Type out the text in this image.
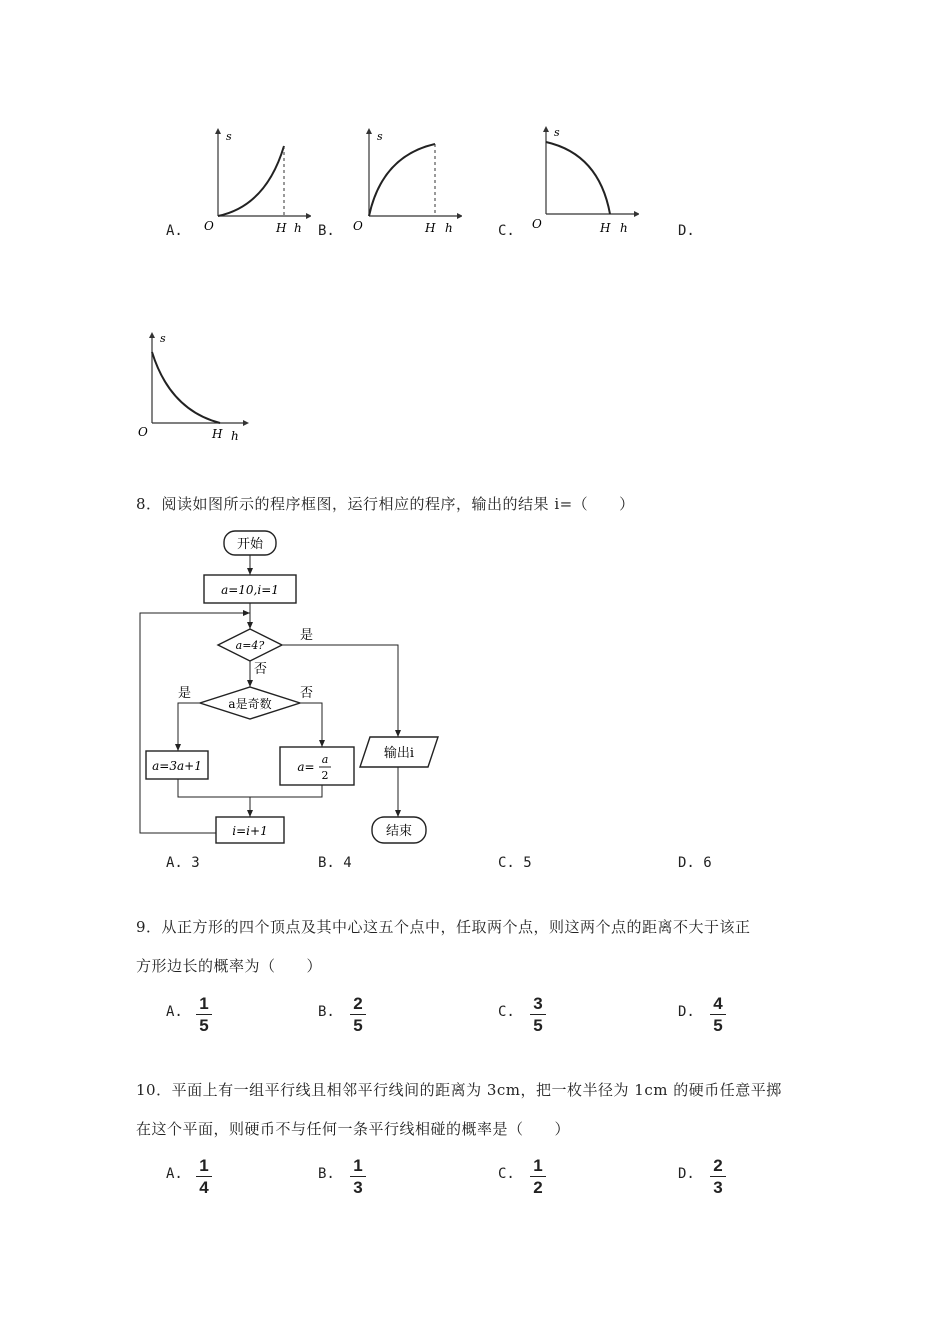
A.
s
O	H h B.
s
O	H h	C.
s
O	H h	D.
s
O	H h
8．阅读如图所示的程序框图，运行相应的程序，输出的结果 i=（　　）
开始
a=10,i=1
a=4?
是
否
a是奇数
是	否
a=3a+1	a=
a
2
i=i+1
输出i
结束
A. 3	B. 4	C. 5	D. 6
9．从正方形的四个顶点及其中心这五个点中，任取两个点，则这两个点的距离不大于该正
方形边长的概率为（　　）
A. $\frac{1}{5}$	B. $\frac{2}{5}$	C. $\frac{3}{5}$	D. $\frac{4}{5}$
10．平面上有一组平行线且相邻平行线间的距离为 3cm，把一枚半径为 1cm 的硬币任意平掷
在这个平面，则硬币不与任何一条平行线相碰的概率是（　　）
A. $\frac{1}{4}$	B. $\frac{1}{3}$	C. $\frac{1}{2}$	D. $\frac{2}{3}$
